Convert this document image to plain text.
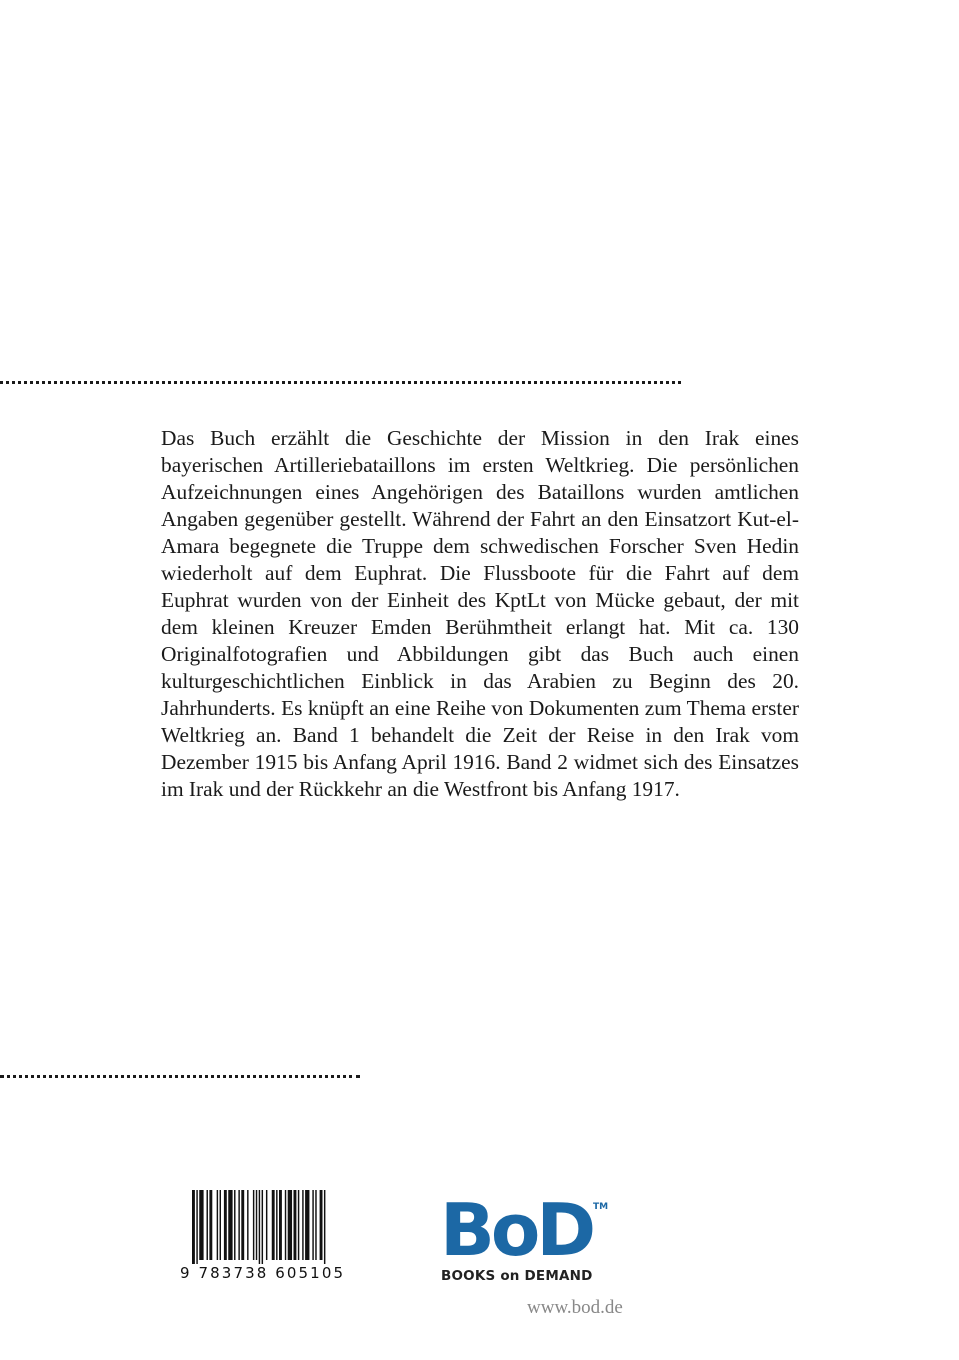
Das Buch erzählt die Geschichte der Mission in den Irak eines bayerischen Artilleriebataillons im ersten Weltkrieg. Die persönlichen Aufzeichnungen eines Angehörigen des Bataillons wurden amtlichen Angaben gegenüber gestellt. Während der Fahrt an den Einsatzort Kut-el-Amara begegnete die Truppe dem schwedischen Forscher Sven Hedin wiederholt auf dem Euphrat. Die Flussboote für die Fahrt auf dem Euphrat wurden von der Einheit des KptLt von Mücke gebaut, der mit dem kleinen Kreuzer Emden Berühmtheit erlangt hat. Mit ca. 130 Originalfotografien und Abbildungen gibt das Buch auch einen kulturgeschichtlichen Einblick in das Arabien zu Beginn des 20. Jahrhunderts. Es knüpft an eine Reihe von Dokumenten zum Thema erster Weltkrieg an. Band 1 behandelt die Zeit der Reise in den Irak vom Dezember 1915 bis Anfang April 1916. Band 2 widmet sich des Einsatzes im Irak und der Rückkehr an die Westfront bis Anfang 1917.

9 783738 605105
BoD TM
BOOKS on DEMAND
www.bod.de
